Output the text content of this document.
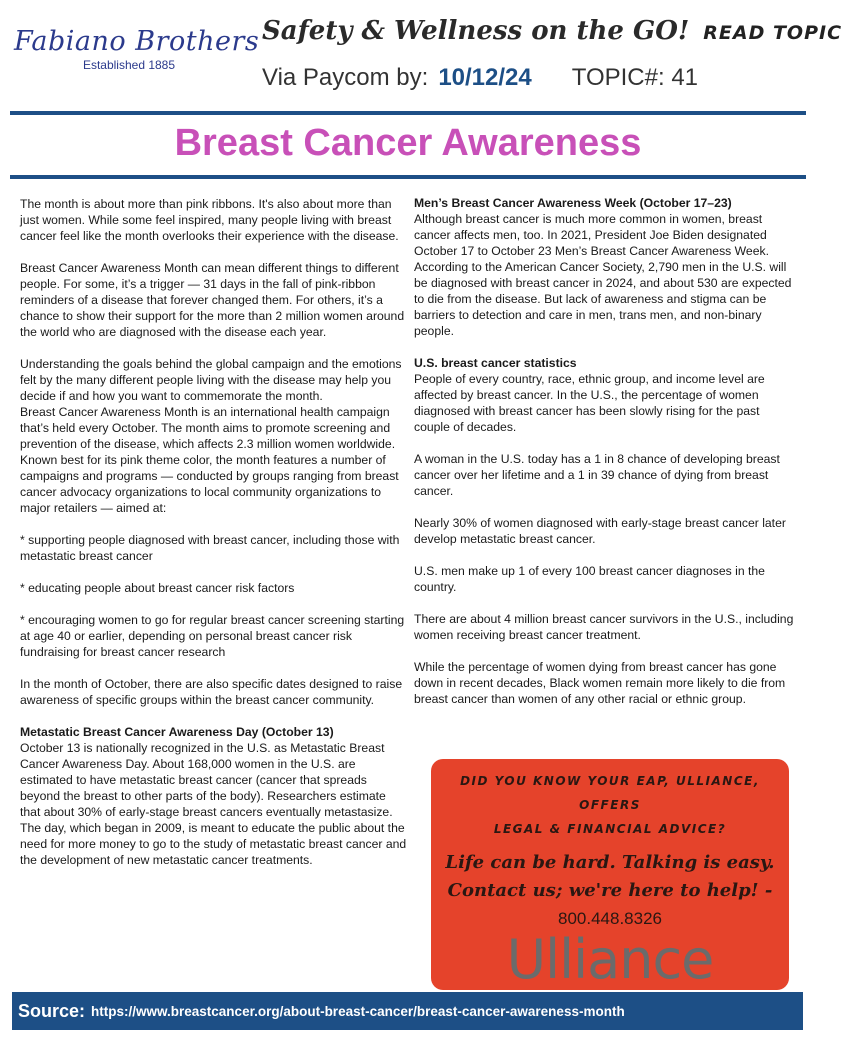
Fabiano Brothers
Established 1885
Safety & Wellness on the GO! READ TOPIC
Via Paycom by: 10/12/24 TOPIC#: 41
Breast Cancer Awareness

The month is about more than pink ribbons. It's also about more than just women. While some feel inspired, many people living with breast cancer feel like the month overlooks their experience with the disease.

Breast Cancer Awareness Month can mean different things to different people. For some, it’s a trigger — 31 days in the fall of pink-ribbon reminders of a disease that forever changed them. For others, it’s a chance to show their support for the more than 2 million women around the world who are diagnosed with the disease each year.

Understanding the goals behind the global campaign and the emotions felt by the many different people living with the disease may help you decide if and how you want to commemorate the month.

Breast Cancer Awareness Month is an international health campaign that’s held every October. The month aims to promote screening and prevention of the disease, which affects 2.3 million women worldwide. Known best for its pink theme color, the month features a number of campaigns and programs — conducted by groups ranging from breast cancer advocacy organizations to local community organizations to major retailers — aimed at:

* supporting people diagnosed with breast cancer, including those with metastatic breast cancer

* educating people about breast cancer risk factors

* encouraging women to go for regular breast cancer screening starting at age 40 or earlier, depending on personal breast cancer risk fundraising for breast cancer research

In the month of October, there are also specific dates designed to raise awareness of specific groups within the breast cancer community.

Metastatic Breast Cancer Awareness Day (October 13)

October 13 is nationally recognized in the U.S. as Metastatic Breast Cancer Awareness Day. About 168,000 women in the U.S. are estimated to have metastatic breast cancer (cancer that spreads beyond the breast to other parts of the body). Researchers estimate that about 30% of early-stage breast cancers eventually metastasize. The day, which began in 2009, is meant to educate the public about the need for more money to go to the study of metastatic breast cancer and the development of new metastatic cancer treatments.

Men’s Breast Cancer Awareness Week (October 17–23)

Although breast cancer is much more common in women, breast cancer affects men, too. In 2021, President Joe Biden designated October 17 to October 23 Men’s Breast Cancer Awareness Week. According to the American Cancer Society, 2,790 men in the U.S. will be diagnosed with breast cancer in 2024, and about 530 are expected to die from the disease. But lack of awareness and stigma can be barriers to detection and care in men, trans men, and non-binary people.

U.S. breast cancer statistics

People of every country, race, ethnic group, and income level are affected by breast cancer. In the U.S., the percentage of women diagnosed with breast cancer has been slowly rising for the past couple of decades.

A woman in the U.S. today has a 1 in 8 chance of developing breast cancer over her lifetime and a 1 in 39 chance of dying from breast cancer.

Nearly 30% of women diagnosed with early-stage breast cancer later develop metastatic breast cancer.

U.S. men make up 1 of every 100 breast cancer diagnoses in the country.

There are about 4 million breast cancer survivors in the U.S., including women receiving breast cancer treatment.

While the percentage of women dying from breast cancer has gone down in recent decades, Black women remain more likely to die from breast cancer than women of any other racial or ethnic group.

DID YOU KNOW YOUR EAP, ULLIANCE, OFFERS
LEGAL & FINANCIAL ADVICE?
Life can be hard. Talking is easy.
Contact us; we're here to help! -
800.448.8326
Ulliance
Source: https://www.breastcancer.org/about-breast-cancer/breast-cancer-awareness-month
